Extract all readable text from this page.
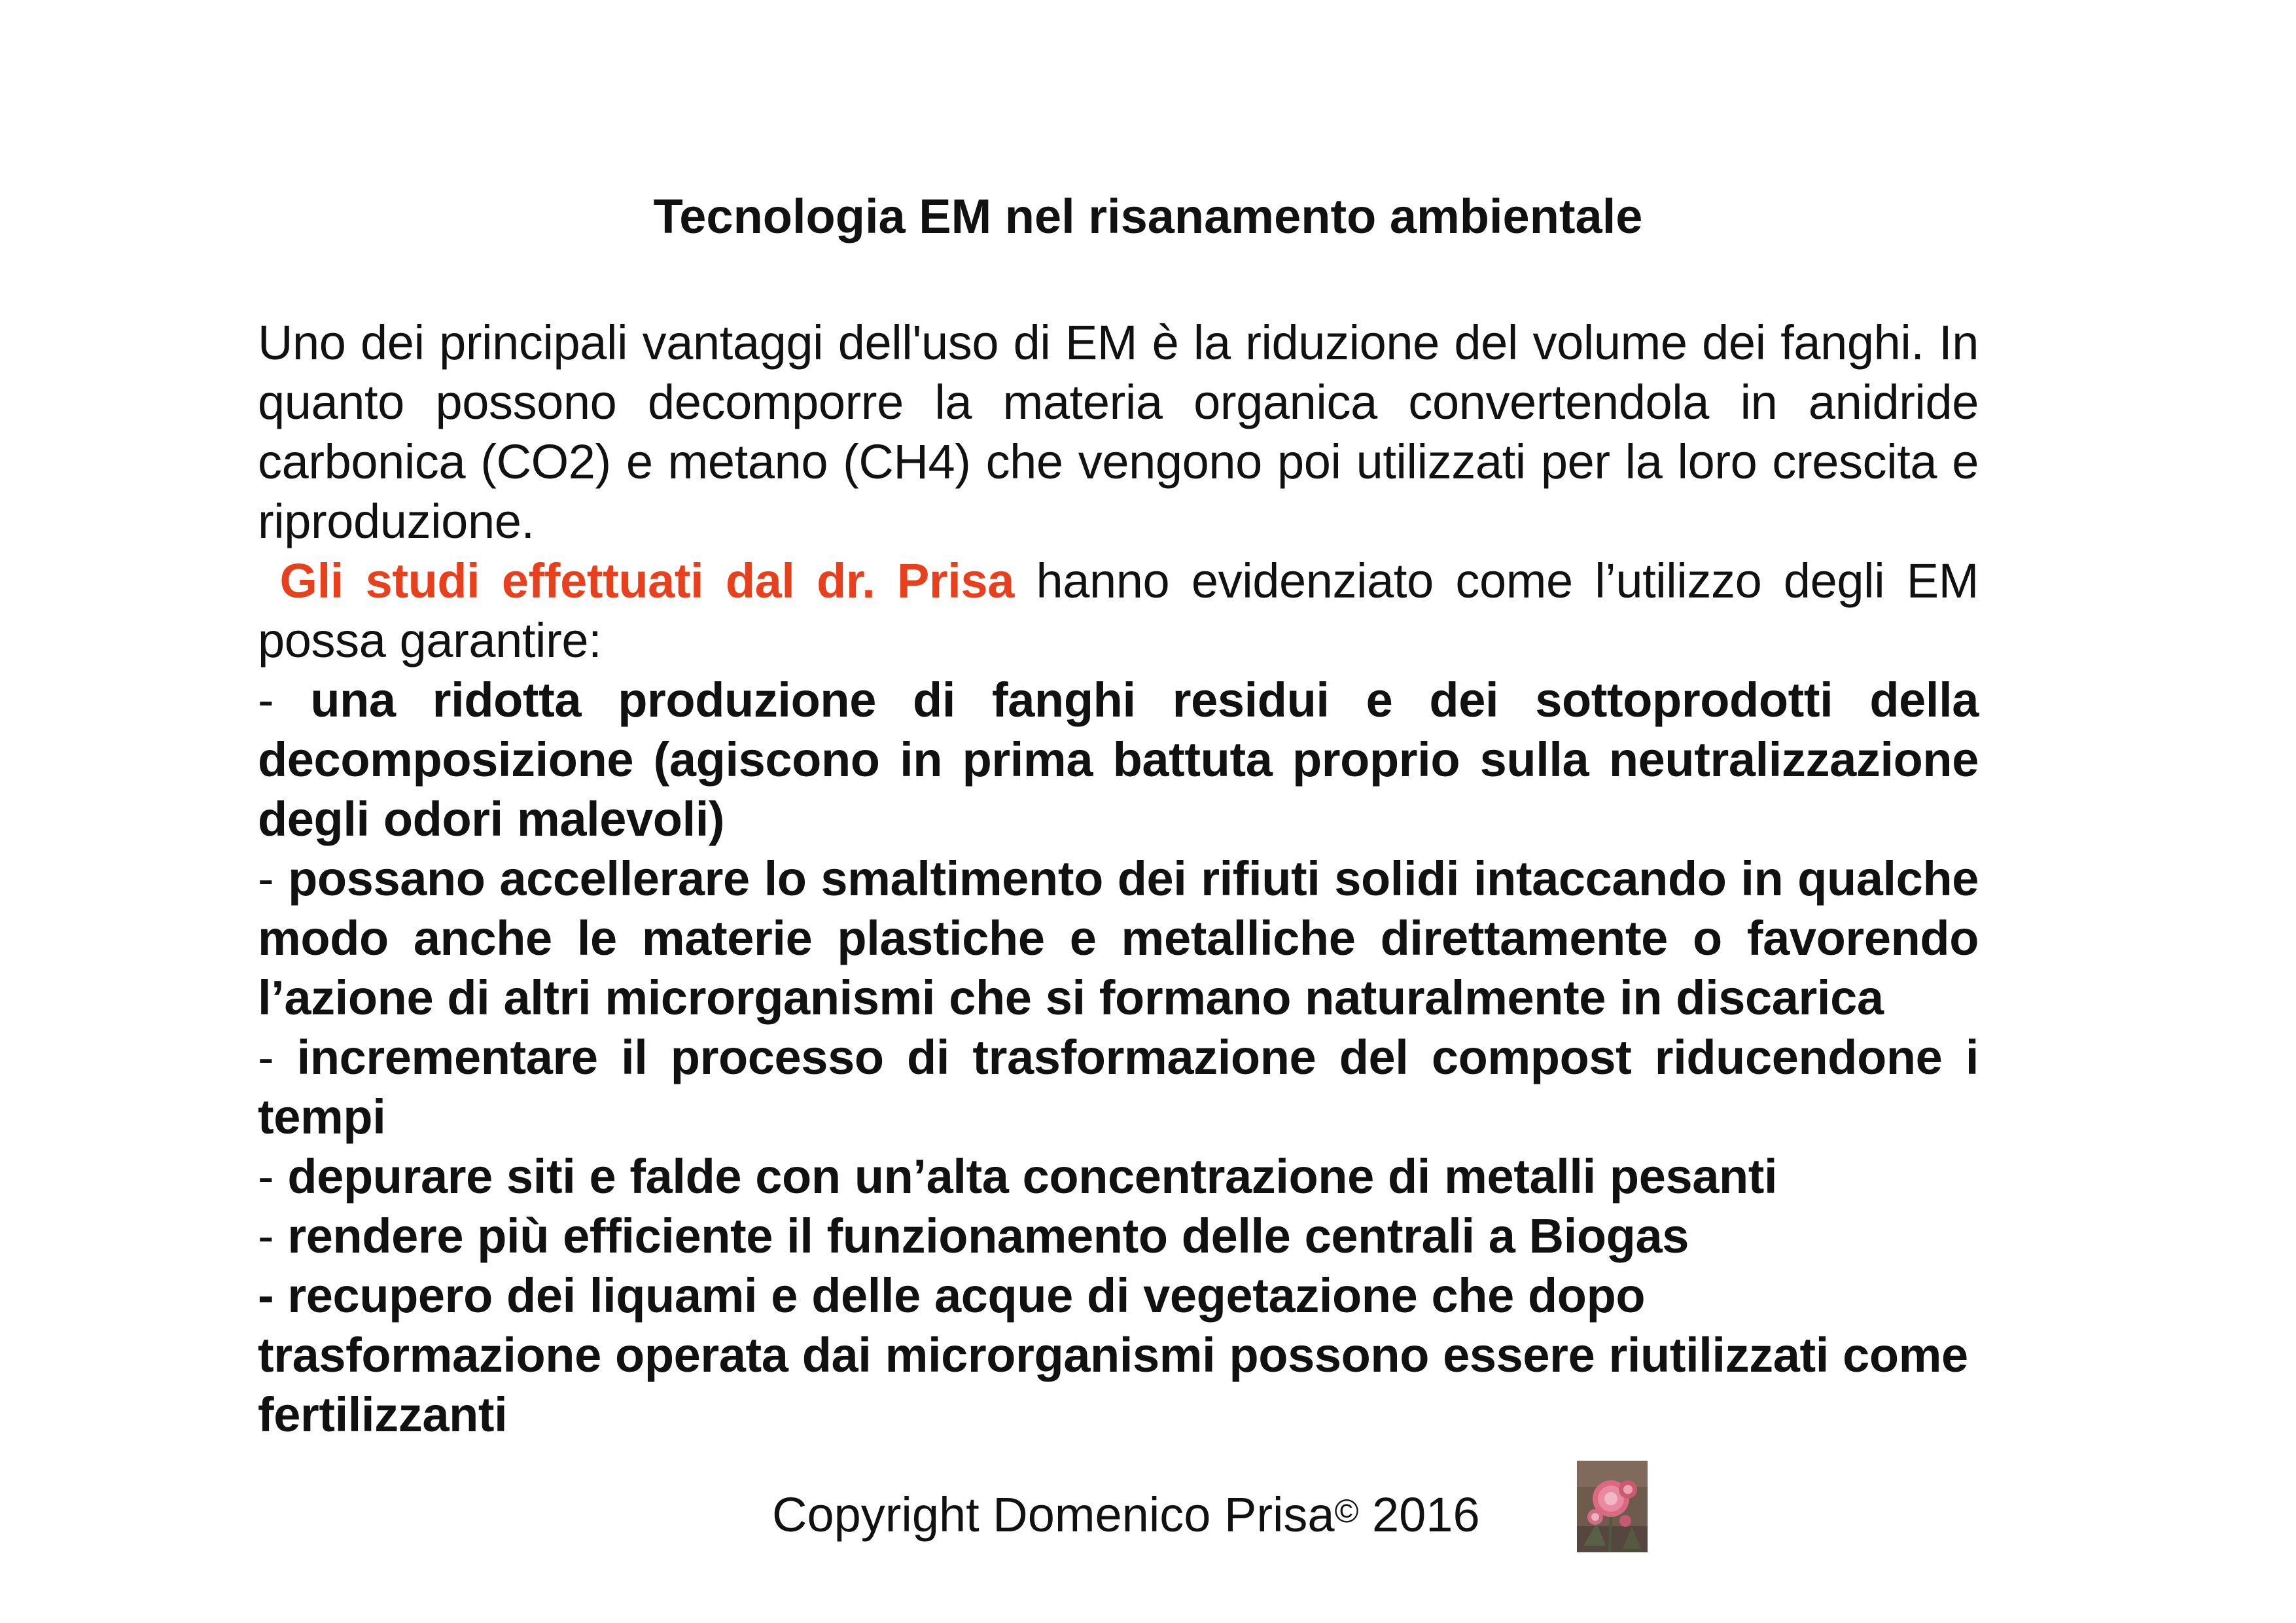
Tecnologia EM nel risanamento ambientale

Uno dei principali vantaggi dell'uso di EM è la riduzione del volume dei fanghi. In quanto possono decomporre la materia organica convertendola in anidride carbonica (CO2) e metano (CH4) che vengono poi utilizzati per la loro crescita e riproduzione.

Gli studi effettuati dal dr. Prisa hanno evidenziato come l’utilizzo degli EM possa garantire:

- una ridotta produzione di fanghi residui e dei sottoprodotti della decomposizione (agiscono in prima battuta proprio sulla neutralizzazione degli odori malevoli)

- possano accellerare lo smaltimento dei rifiuti solidi intaccando in qualche modo anche le materie plastiche e metalliche direttamente o favorendo l’azione di altri microrganismi che si formano naturalmente in discarica

- incrementare il processo di trasformazione del compost riducendone i tempi

- depurare siti e falde con un’alta concentrazione di metalli pesanti

- rendere più efficiente il funzionamento delle centrali a Biogas

- recupero dei liquami e delle acque di vegetazione che dopo trasformazione operata dai microrganismi possono essere riutilizzati come fertilizzanti

Copyright Domenico Prisa© 2016
